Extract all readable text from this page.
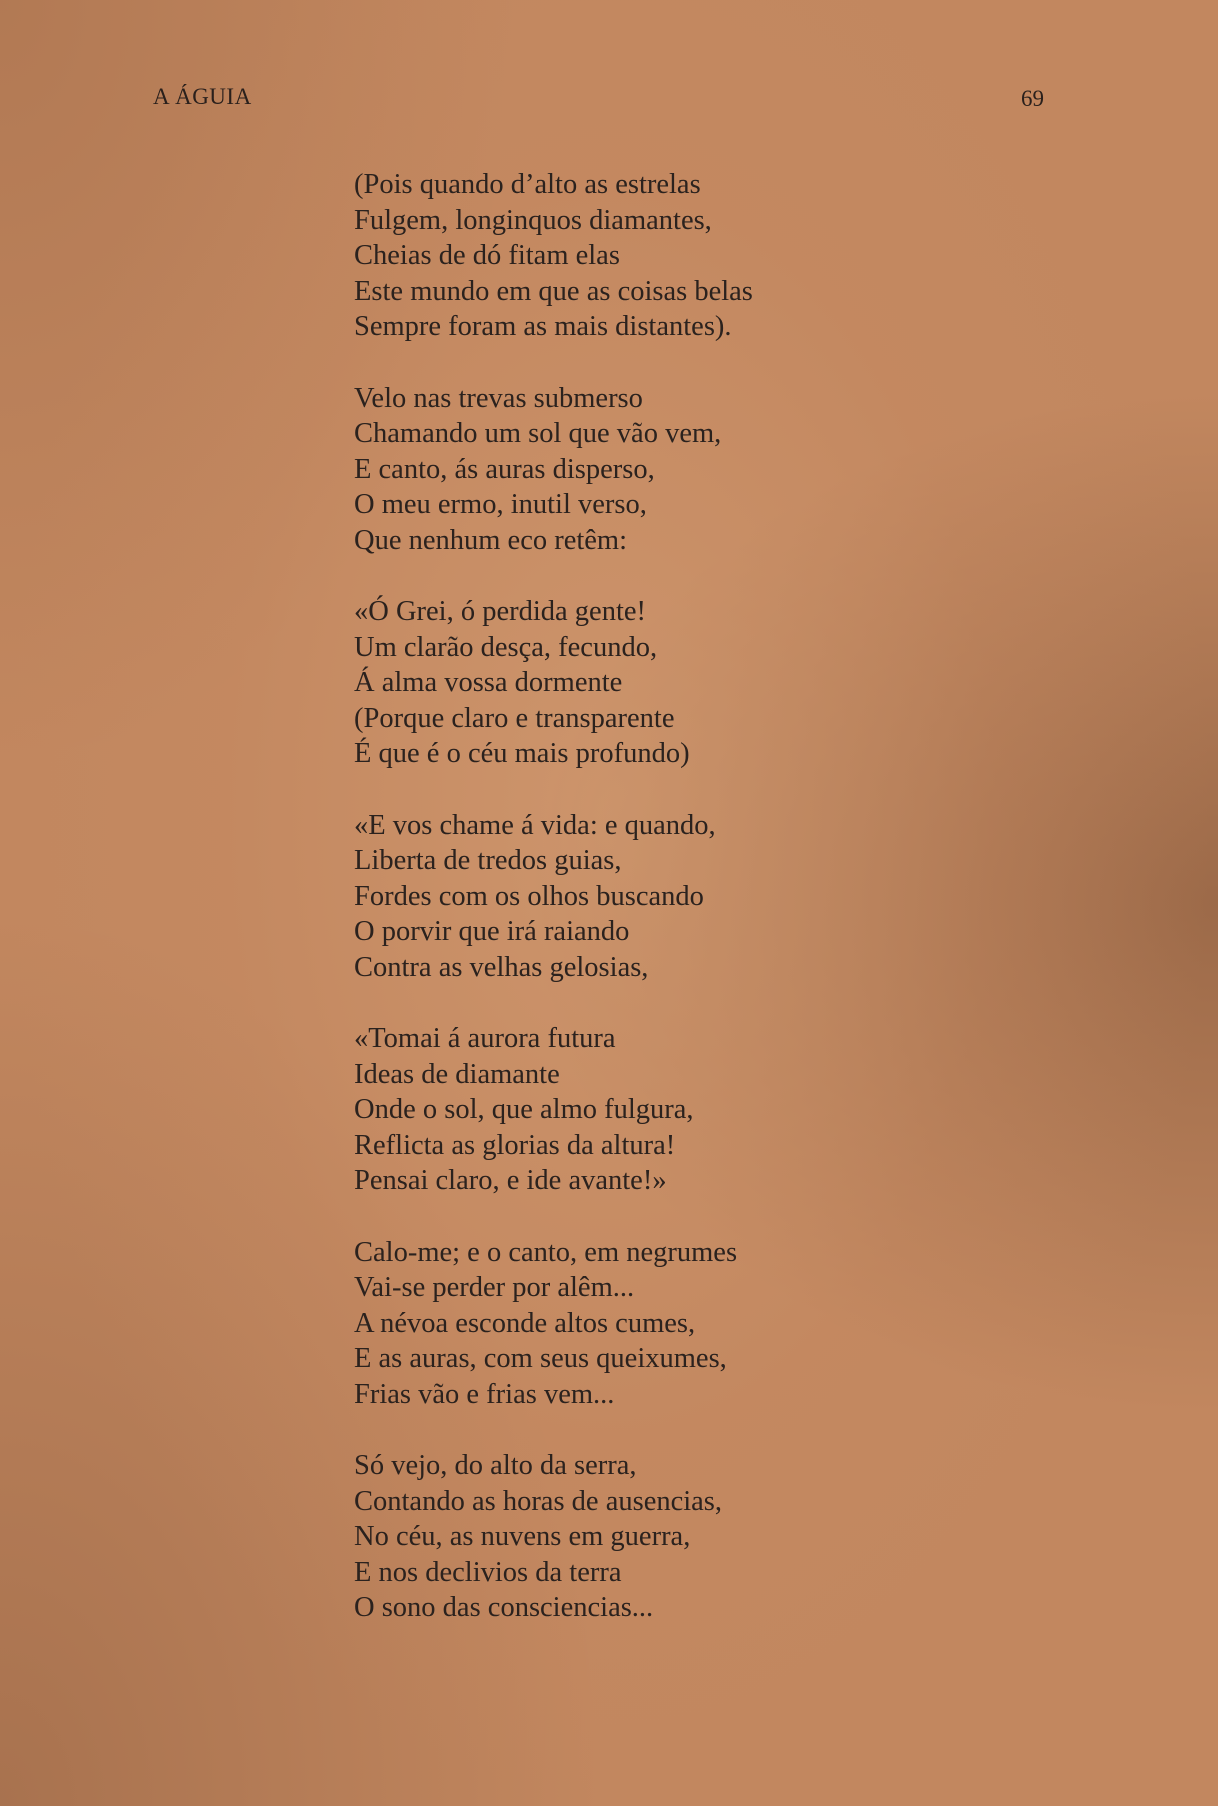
A ÁGUIA	69
(Pois quando d’alto as estrelas
Fulgem, longinquos diamantes,
Cheias de dó fitam elas
Este mundo em que as coisas belas
Sempre foram as mais distantes).
Velo nas trevas submerso
Chamando um sol que vão vem,
E canto, ás auras disperso,
O meu ermo, inutil verso,
Que nenhum eco retêm:
«Ó Grei, ó perdida gente!
Um clarão desça, fecundo,
Á alma vossa dormente
(Porque claro e transparente
É que é o céu mais profundo)
«E vos chame á vida: e quando,
Liberta de tredos guias,
Fordes com os olhos buscando
O porvir que irá raiando
Contra as velhas gelosias,
«Tomai á aurora futura
Ideas de diamante
Onde o sol, que almo fulgura,
Reflicta as glorias da altura!
Pensai claro, e ide avante!»
Calo-me; e o canto, em negrumes
Vai-se perder por alêm...
A névoa esconde altos cumes,
E as auras, com seus queixumes,
Frias vão e frias vem...
Só vejo, do alto da serra,
Contando as horas de ausencias,
No céu, as nuvens em guerra,
E nos declivios da terra
O sono das consciencias...
